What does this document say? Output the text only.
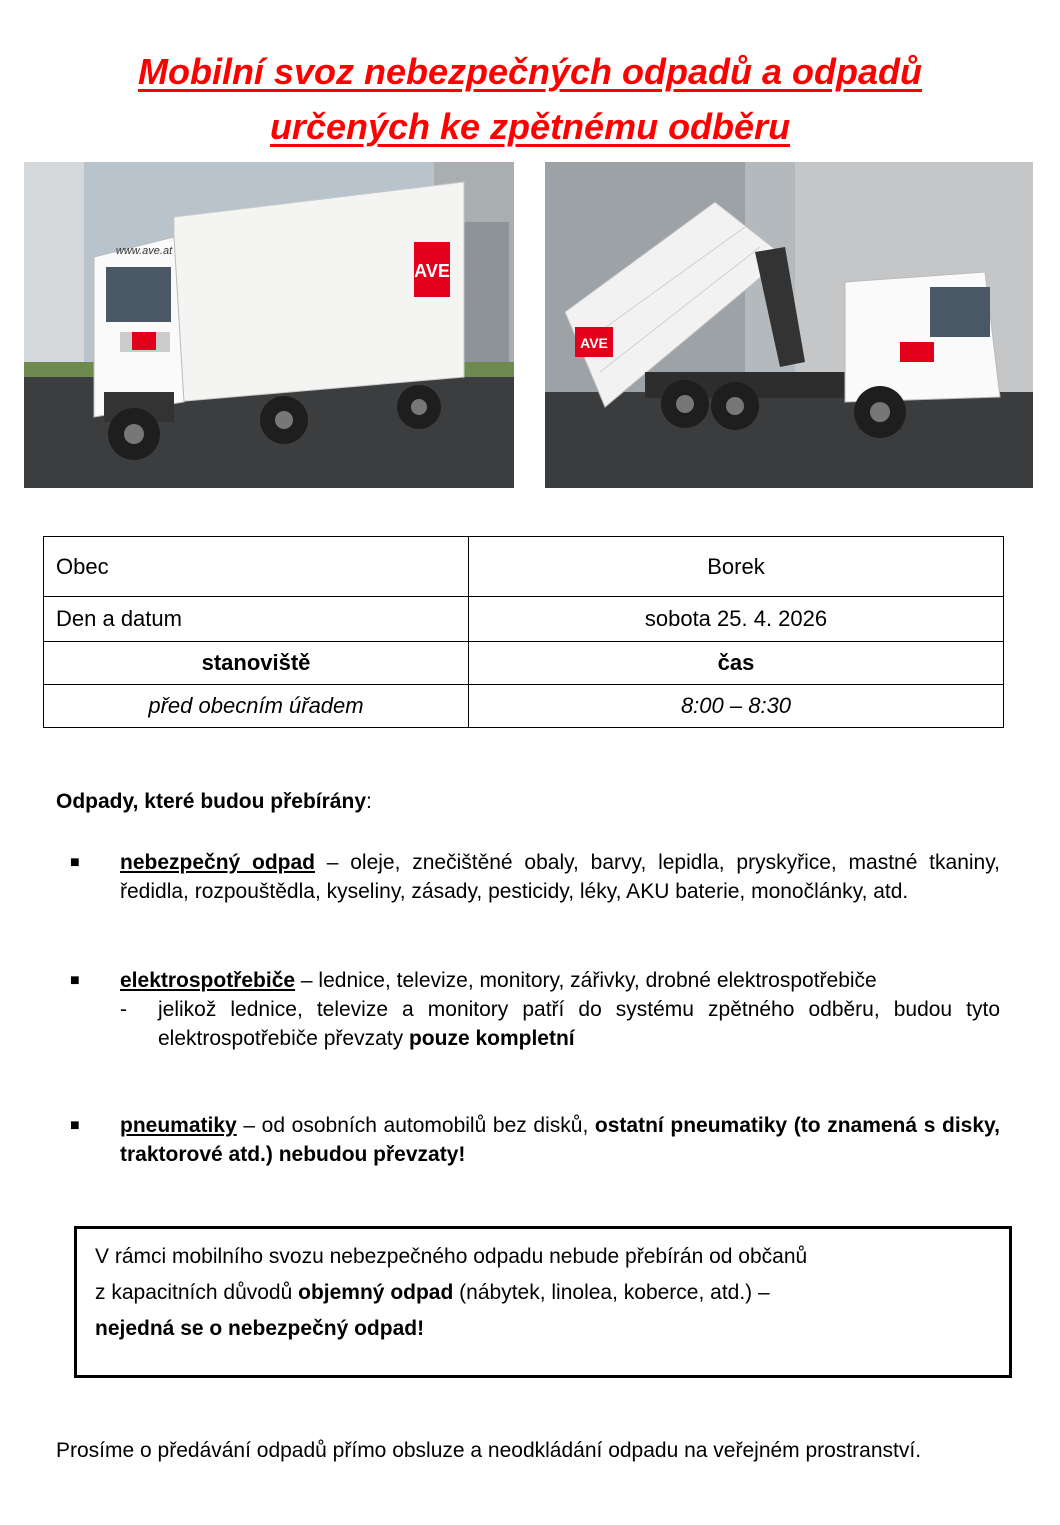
Mobilní svoz nebezpečných odpadů a odpadů
určených ke zpětnému odběru
AVE
www.ave.at
AVE
Obec	Borek
Den a datum	sobota 25. 4. 2026
stanoviště	čas
před obecním úřadem	8:00 – 8:30
Odpady, které budou přebírány:
■ nebezpečný odpad – oleje, znečištěné obaly, barvy, lepidla, pryskyřice, mastné tkaniny, ředidla, rozpouštědla, kyseliny, zásady, pesticidy, léky, AKU baterie, monočlánky, atd.
■ elektrospotřebiče – lednice, televize, monitory, zářivky, drobné elektrospotřebiče
- jelikož lednice, televize a monitory patří do systému zpětného odběru, budou tyto elektrospotřebiče převzaty pouze kompletní
■ pneumatiky – od osobních automobilů bez disků, ostatní pneumatiky (to znamená s disky, traktorové atd.) nebudou převzaty!

V rámci mobilního svozu nebezpečného odpadu nebude přebírán od občanů

z kapacitních důvodů objemný odpad (nábytek, linolea, koberce, atd.) –

nejedná se o nebezpečný odpad!

Prosíme o předávání odpadů přímo obsluze a neodkládání odpadu na veřejném prostranství.
